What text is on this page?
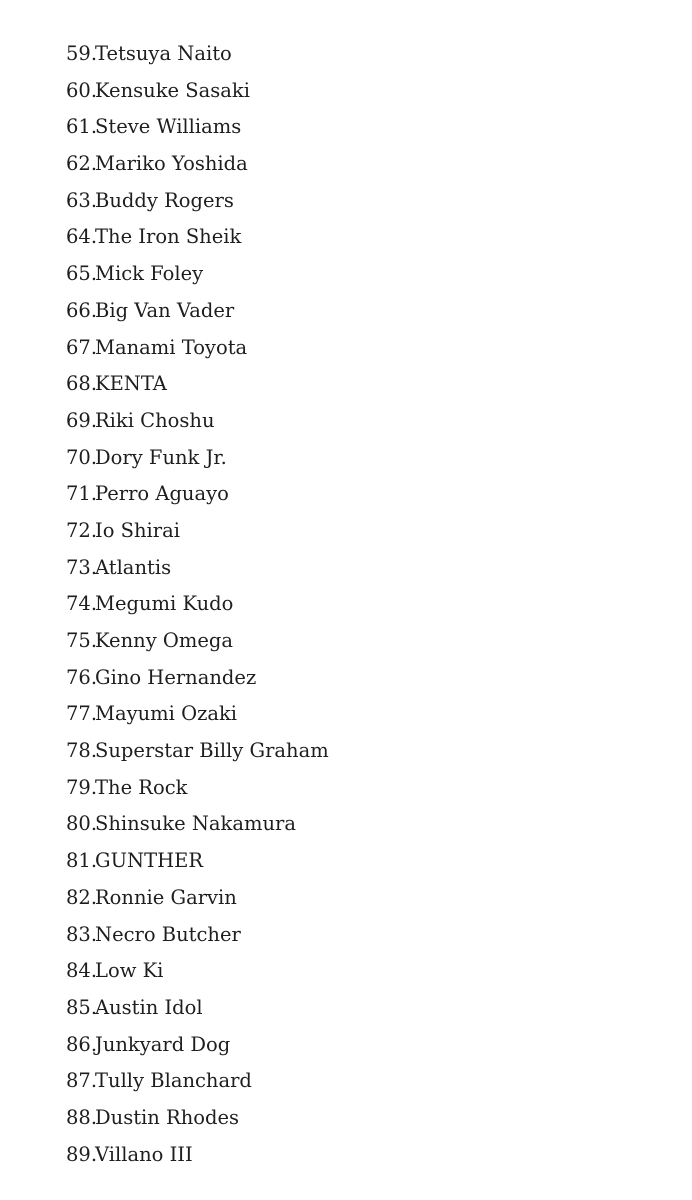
59.
Tetsuya Naito
60.
Kensuke Sasaki
61.
Steve Williams
62.
Mariko Yoshida
63.
Buddy Rogers
64.
The Iron Sheik
65.
Mick Foley
66.
Big Van Vader
67.
Manami Toyota
68.
KENTA
69.
Riki Choshu
70.
Dory Funk Jr.
71.
Perro Aguayo
72.
Io Shirai
73.
Atlantis
74.
Megumi Kudo
75.
Kenny Omega
76.
Gino Hernandez
77.
Mayumi Ozaki
78.
Superstar Billy Graham
79.
The Rock
80.
Shinsuke Nakamura
81.
GUNTHER
82.
Ronnie Garvin
83.
Necro Butcher
84.
Low Ki
85.
Austin Idol
86.
Junkyard Dog
87.
Tully Blanchard
88.
Dustin Rhodes
89.
Villano III
